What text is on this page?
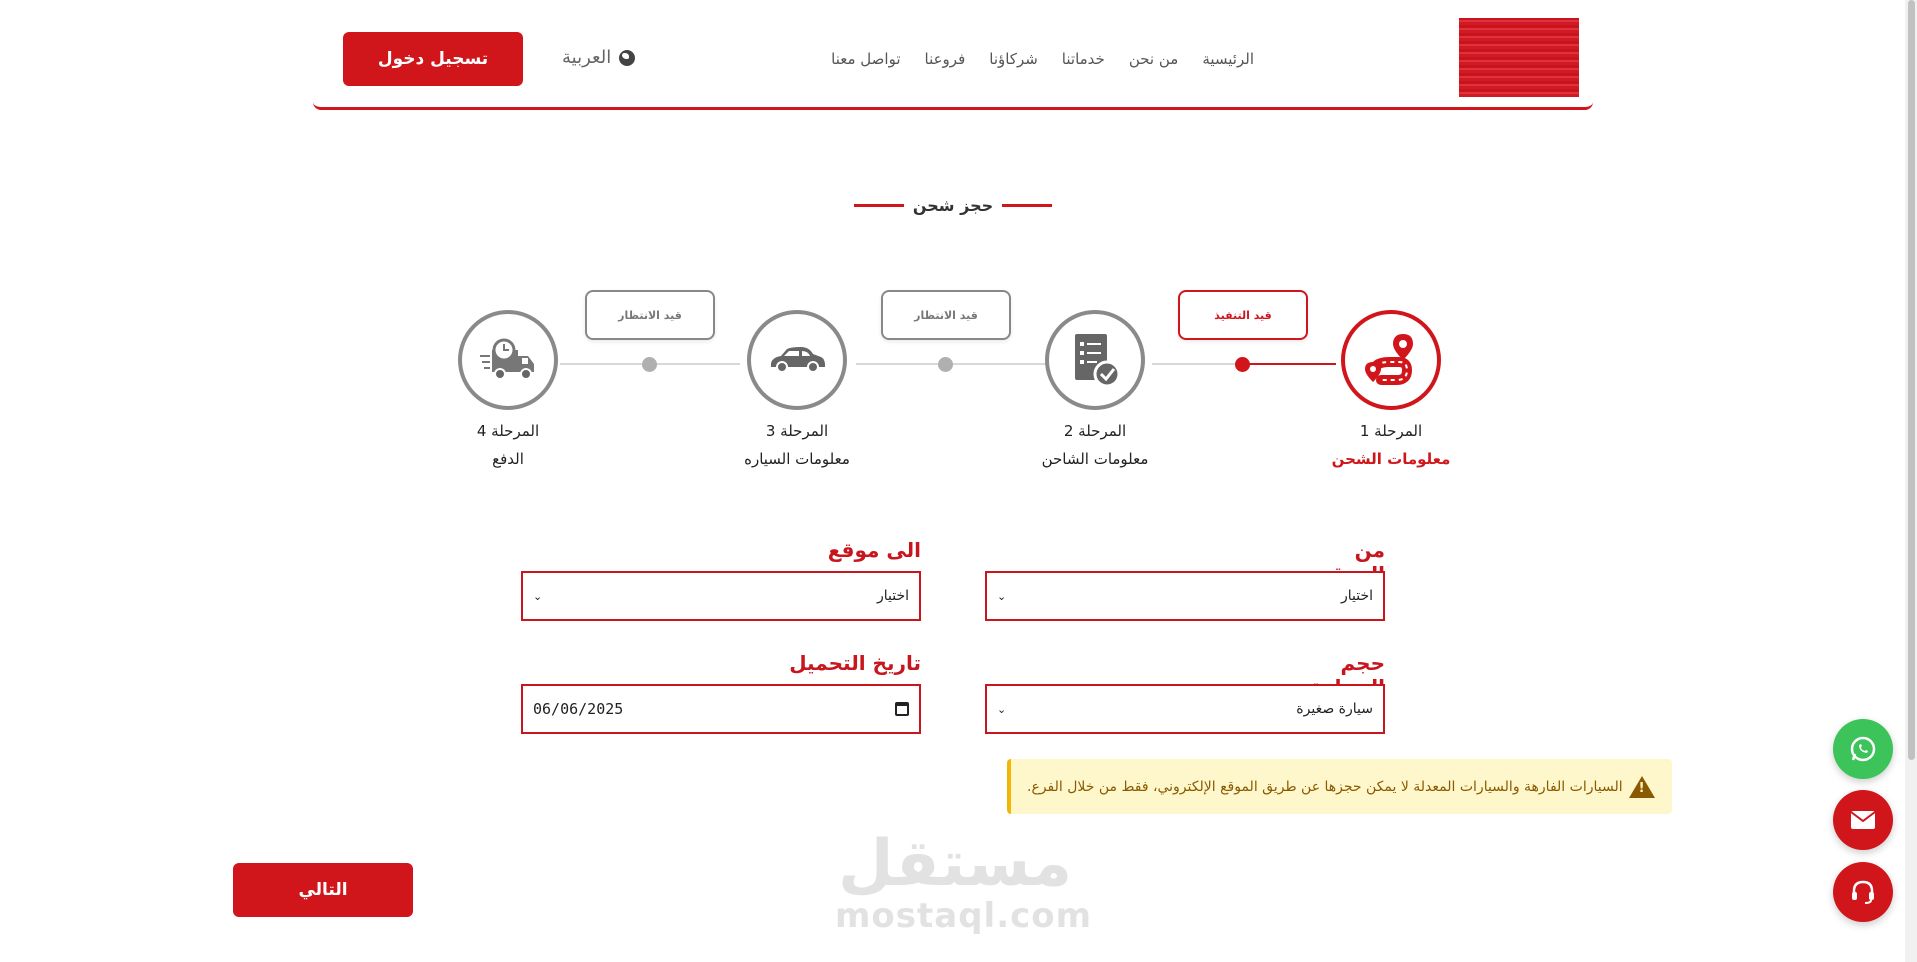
الرئيسية
من نحن
خدماتنا
شركاؤنا
فروعنا
تواصل معنا
العربية
تسجيل دخول
حجز شحن
قيد الانتظار	قيد الانتظار	قيد التنفيذ
المرحلة 4
الدفع
المرحلة 3
معلومات السياره
المرحلة 2
معلومات الشاحن
المرحلة 1
معلومات الشحن
من
⌄	اختيار
الى موقع
⌄	اختيار
حجم
⌄	سيارة صغيرة
تاريخ التحميل
06/06/2025
!
السيارات الفارهة والسيارات المعدلة لا يمكن حجزها عن طريق الموقع الإلكتروني، فقط من خلال الفرع.
مستقل
mostaql.com
التالي
